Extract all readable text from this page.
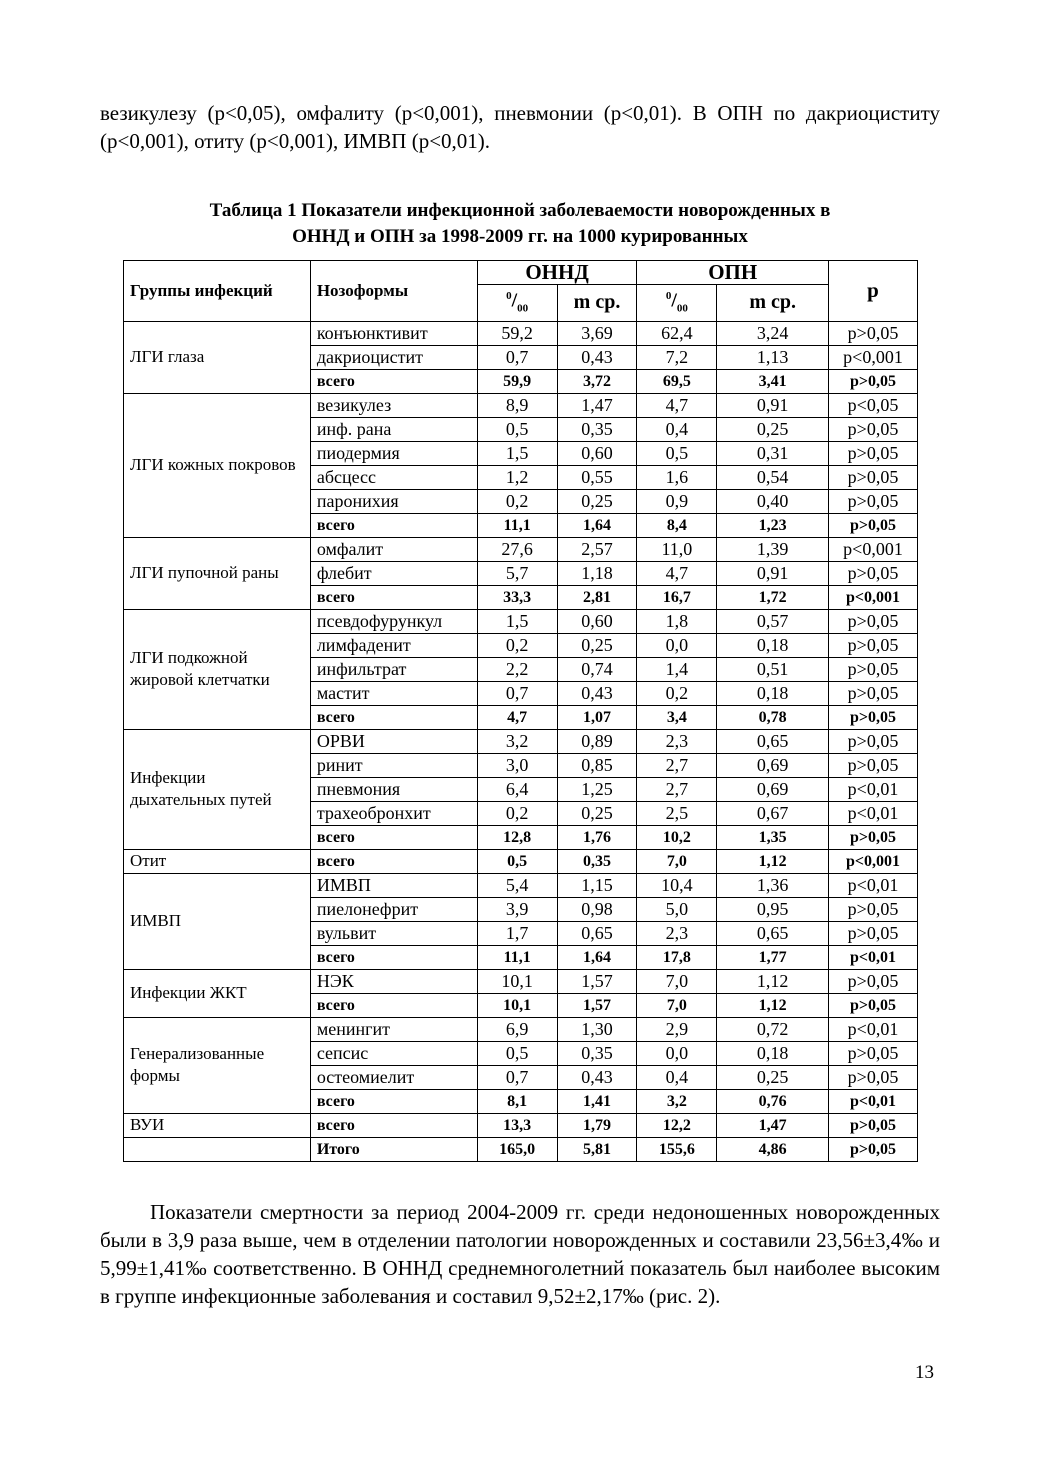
везикулезу (р<0,05), омфалиту (р<0,001), пневмонии (р<0,01). В ОПН по дакриоциститу (р<0,001), отиту (р<0,001), ИМВП (р<0,01).

Таблица 1 Показатели инфекционной заболеваемости новорожденных в
ОННД и ОПН за 1998-2009 гг. на 1000 курированных
Группы инфекций	Нозоформы	ОННД		ОПН		р
		$^0/_{00}$	m ср.	$^0/_{00}$	m ср.	
ЛГИ глаза	конъюнктивит	59,2	3,69	62,4	3,24	p>0,05
	дакриоцистит	0,7	0,43	7,2	1,13	p<0,001
	всего	59,9	3,72	69,5	3,41	p>0,05
ЛГИ кожных покровов	везикулез	8,9	1,47	4,7	0,91	p<0,05
	инф. рана	0,5	0,35	0,4	0,25	p>0,05
	пиодермия	1,5	0,60	0,5	0,31	p>0,05
	абсцесс	1,2	0,55	1,6	0,54	p>0,05
	паронихия	0,2	0,25	0,9	0,40	p>0,05
	всего	11,1	1,64	8,4	1,23	p>0,05
ЛГИ пупочной раны	омфалит	27,6	2,57	11,0	1,39	p<0,001
	флебит	5,7	1,18	4,7	0,91	p>0,05
	всего	33,3	2,81	16,7	1,72	p<0,001
ЛГИ подкожной жировой клетчатки	псевдофурункул	1,5	0,60	1,8	0,57	p>0,05
	лимфаденит	0,2	0,25	0,0	0,18	p>0,05
	инфильтрат	2,2	0,74	1,4	0,51	p>0,05
	мастит	0,7	0,43	0,2	0,18	p>0,05
	всего	4,7	1,07	3,4	0,78	p>0,05
Инфекции дыхательных путей	ОРВИ	3,2	0,89	2,3	0,65	p>0,05
	ринит	3,0	0,85	2,7	0,69	p>0,05
	пневмония	6,4	1,25	2,7	0,69	p<0,01
	трахеобронхит	0,2	0,25	2,5	0,67	p<0,01
	всего	12,8	1,76	10,2	1,35	p>0,05
Отит	всего	0,5	0,35	7,0	1,12	p<0,001
ИМВП	ИМВП	5,4	1,15	10,4	1,36	p<0,01
	пиелонефрит	3,9	0,98	5,0	0,95	p>0,05
	вульвит	1,7	0,65	2,3	0,65	p>0,05
	всего	11,1	1,64	17,8	1,77	p<0,01
Инфекции ЖКТ	НЭК	10,1	1,57	7,0	1,12	p>0,05
	всего	10,1	1,57	7,0	1,12	p>0,05
Генерализованные формы	менингит	6,9	1,30	2,9	0,72	p<0,01
	сепсис	0,5	0,35	0,0	0,18	p>0,05
	остеомиелит	0,7	0,43	0,4	0,25	p>0,05
	всего	8,1	1,41	3,2	0,76	p<0,01
ВУИ	всего	13,3	1,79	12,2	1,47	p>0,05
	Итого	165,0	5,81	155,6	4,86	p>0,05

Показатели смертности за период 2004-2009 гг. среди недоношенных новорожденных были в 3,9 раза выше, чем в отделении патологии новорожденных и составили 23,56±3,4‰ и 5,99±1,41‰ соответственно. В ОННД среднемноголетний показатель был наиболее высоким в группе инфекционные заболевания и составил 9,52±2,17‰ (рис. 2).

13
